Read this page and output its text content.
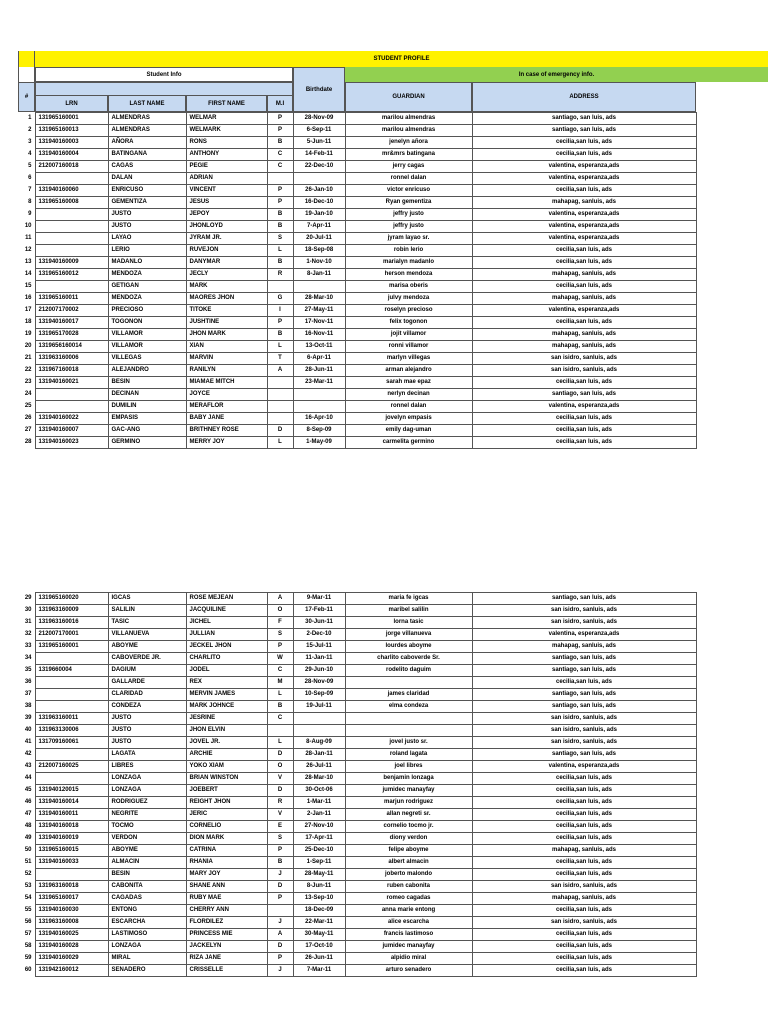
STUDENT PROFILE
Student Info	In case of emergency info.
#
LRN	LAST NAME	FIRST NAME	M.I
Birthdate
GUARDIAN	ADDRESS
1	131965160001	ALMENDRAS	WELMAR	P	28-Nov-09	marilou almendras	santiago, san luis, ads
2	131965160013	ALMENDRAS	WELMARK	P	6-Sep-11	marilou almendras	santiago, san luis, ads
3	131940160003	AÑORA	RONS	B	5-Jun-11	jenelyn añora	cecilia,san luis, ads
4	131940160004	BATINGANA	ANTHONY	C	14-Feb-11	mr&mrs batingana	cecilia,san luis, ads
5	212007160018	CAGAS	PEGIE	C	22-Dec-10	jerry cagas	valentina, esperanza,ads
6		DALAN	ADRIAN			ronnel dalan	valentina, esperanza,ads
7	131940160060	ENRICUSO	VINCENT	P	26-Jan-10	victor enricuso	cecilia,san luis, ads
8	131965160008	GEMENTIZA	JESUS	P	16-Dec-10	Ryan gementiza	mahapag, sanluis, ads
9		JUSTO	JEPOY	B	19-Jan-10	jeffry justo	valentina, esperanza,ads
10		JUSTO	JHONLOYD	B	7-Apr-11	jeffry justo	valentina, esperanza,ads
11		LAYAO	JYRAM JR.	S	20-Jul-11	jyram layao sr.	valentina, esperanza,ads
12		LERIO	RUVEJON	L	18-Sep-08	robin lerio	cecilia,san luis, ads
13	131940160009	MADANLO	DANYMAR	B	1-Nov-10	marialyn madanlo	cecilia,san luis, ads
14	131965160012	MENDOZA	JECLY	R	8-Jan-11	herson mendoza	mahapag, sanluis, ads
15		GETIGAN	MARK			marisa oberis	cecilia,san luis, ads
16	131965160011	MENDOZA	MAORES JHON	G	28-Mar-10	julvy mendoza	mahapag, sanluis, ads
17	212007170002	PRECIOSO	TITOKE	I	27-May-11	roselyn precioso	valentina, esperanza,ads
18	131940160017	TOGONON	JUSHTINE	P	17-Nov-11	felix togonon	cecilia,san luis, ads
19	131965170028	VILLAMOR	JHON MARK	B	16-Nov-11	jojit villamor	mahapag, sanluis, ads
20	1319656160014	VILLAMOR	XIAN	L	13-Oct-11	ronni villamor	mahapag, sanluis, ads
21	131963160006	VILLEGAS	MARVIN	T	6-Apr-11	marlyn villegas	san isidro, sanluis, ads
22	131967160018	ALEJANDRO	RANILYN	A	28-Jun-11	arman alejandro	san isidro, sanluis, ads
23	131940160021	BESIN	MIAMAE MITCH		23-Mar-11	sarah mae epaz	cecilia,san luis, ads
24		DECINAN	JOYCE			nerlyn decinan	santiago, san luis, ads
25		DUMILIN	MERAFLOR			ronnel dalan	valentina, esperanza,ads
26	131940160022	EMPASIS	BABY JANE		16-Apr-10	jovelyn empasis	cecilia,san luis, ads
27	131940160007	GAC-ANG	BRITHNEY ROSE	D	8-Sep-09	emily dag-uman	cecilia,san luis, ads
28	131940160023	GERMINO	MERRY JOY	L	1-May-09	carmelita germino	cecilia,san luis, ads
29	131965160020	IGCAS	ROSE MEJEAN	A	9-Mar-11	maria fe igcas	santiago, san luis, ads
30	131963160009	SALILIN	JACQUILINE	O	17-Feb-11	maribel salilin	san isidro, sanluis, ads
31	131963160016	TASIC	JICHEL	F	30-Jun-11	lorna tasic	san isidro, sanluis, ads
32	212007170001	VILLANUEVA	JULLIAN	S	2-Dec-10	jorge villanueva	valentina, esperanza,ads
33	131965160001	ABOYME	JECKEL JHON	P	15-Jul-11	lourdes aboyme	mahapag, sanluis, ads
34		CABOVERDE JR.	CHARLITO	W	11-Jan-11	charlito caboverde Sr.	santiago, san luis, ads
35	1319660004	DAGIUM	JODEL	C	29-Jun-10	rodelito daguim	santiago, san luis, ads
36		GALLARDE	REX	M	28-Nov-09		cecilia,san luis, ads
37		CLARIDAD	MERVIN JAMES	L	10-Sep-09	james claridad	santiago, san luis, ads
38		CONDEZA	MARK JOHNCE	B	19-Jul-11	elma condeza	santiago, san luis, ads
39	131963160011	JUSTO	JESRINE	C			san isidro, sanluis, ads
40	131963130006	JUSTO	JHON ELVIN				san isidro, sanluis, ads
41	131709160061	JUSTO	JOVEL JR.	L	8-Aug-09	jovel justo sr.	san isidro, sanluis, ads
42		LAGATA	ARCHIE	D	28-Jan-11	roland lagata	santiago, san luis, ads
43	212007160025	LIBRES	YOKO XIAM	O	26-Jul-11	joel libres	valentina, esperanza,ads
44		LONZAGA	BRIAN WINSTON	V	28-Mar-10	benjamin lonzaga	cecilia,san luis, ads
45	131940120015	LONZAGA	JOEBERT	D	30-Oct-06	jumidec manayfay	cecilia,san luis, ads
46	131940160014	RODRIGUEZ	REIGHT JHON	R	1-Mar-11	marjun rodriguez	cecilia,san luis, ads
47	131940160011	NEGRITE	JERIC	V	2-Jan-11	allan negreti sr.	cecilia,san luis, ads
48	131940160018	TOCMO	CORNELIO	E	27-Nov-10	cornelio tocmo jr.	cecilia,san luis, ads
49	131940160019	VERDON	DION MARK	S	17-Apr-11	diony verdon	cecilia,san luis, ads
50	131965160015	ABOYME	CATRINA	P	25-Dec-10	felipe aboyme	mahapag, sanluis, ads
51	131940160033	ALMACIN	RHANIA	B	1-Sep-11	albert almacin	cecilia,san luis, ads
52		BESIN	MARY JOY	J	28-May-11	joberto malondo	cecilia,san luis, ads
53	131963160018	CABONITA	SHANE ANN	D	8-Jun-11	ruben cabonita	san isidro, sanluis, ads
54	131965160017	CAGADAS	RUBY MAE	P	13-Sep-10	romeo cagadas	mahapag, sanluis, ads
55	131940160030	ENTONG	CHERRY ANN		18-Dec-09	anna marie entong	cecilia,san luis, ads
56	131963160008	ESCARCHA	FLORDILEZ	J	22-Mar-11	alice escarcha	san isidro, sanluis, ads
57	131940160025	LASTIMOSO	PRINCESS MIE	A	30-May-11	francis lastimoso	cecilia,san luis, ads
58	131940160028	LONZAGA	JACKELYN	D	17-Oct-10	jumidec manayfay	cecilia,san luis, ads
59	131940160029	MIRAL	RIZA JANE	P	26-Jun-11	alpidio miral	cecilia,san luis, ads
60	131942160012	SENADERO	CRISSELLE	J	7-Mar-11	arturo senadero	cecilia,san luis, ads
